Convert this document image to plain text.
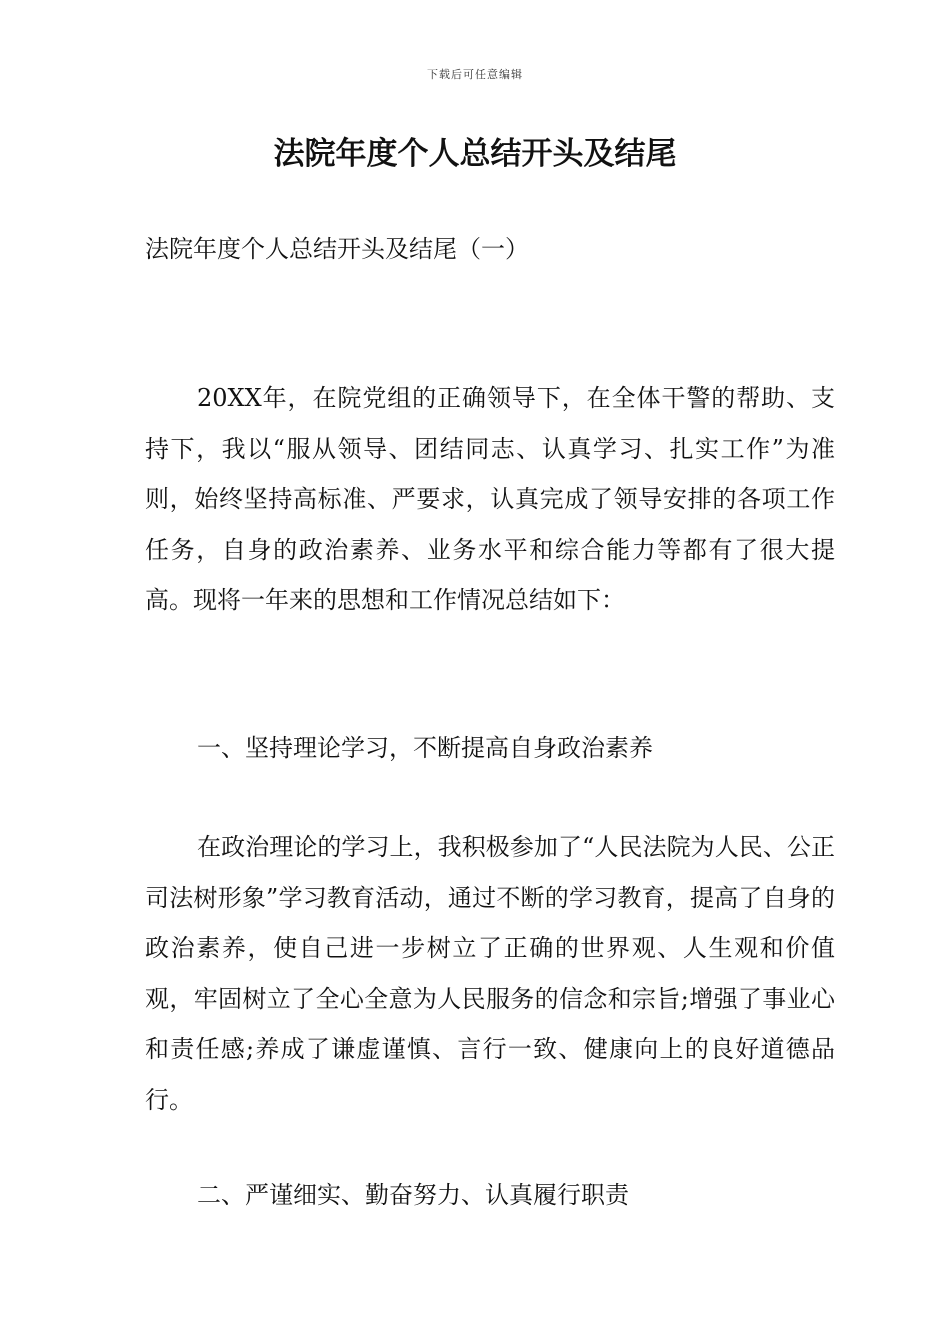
下载后可任意编辑
法院年度个人总结开头及结尾

法院年度个人总结开头及结尾（一）

20XX年，在院党组的正确领导下，在全体干警的帮助、支持下，我以“服从领导、团结同志、认真学习、扎实工作”为准则，始终坚持高标准、严要求，认真完成了领导安排的各项工作任务，自身的政治素养、业务水平和综合能力等都有了很大提高。现将一年来的思想和工作情况总结如下：

一、坚持理论学习，不断提高自身政治素养

在政治理论的学习上，我积极参加了“人民法院为人民、公正司法树形象”学习教育活动，通过不断的学习教育，提高了自身的政治素养，使自己进一步树立了正确的世界观、人生观和价值观，牢固树立了全心全意为人民服务的信念和宗旨;增强了事业心和责任感;养成了谦虚谨慎、言行一致、健康向上的良好道德品行。

二、严谨细实、勤奋努力、认真履行职责
